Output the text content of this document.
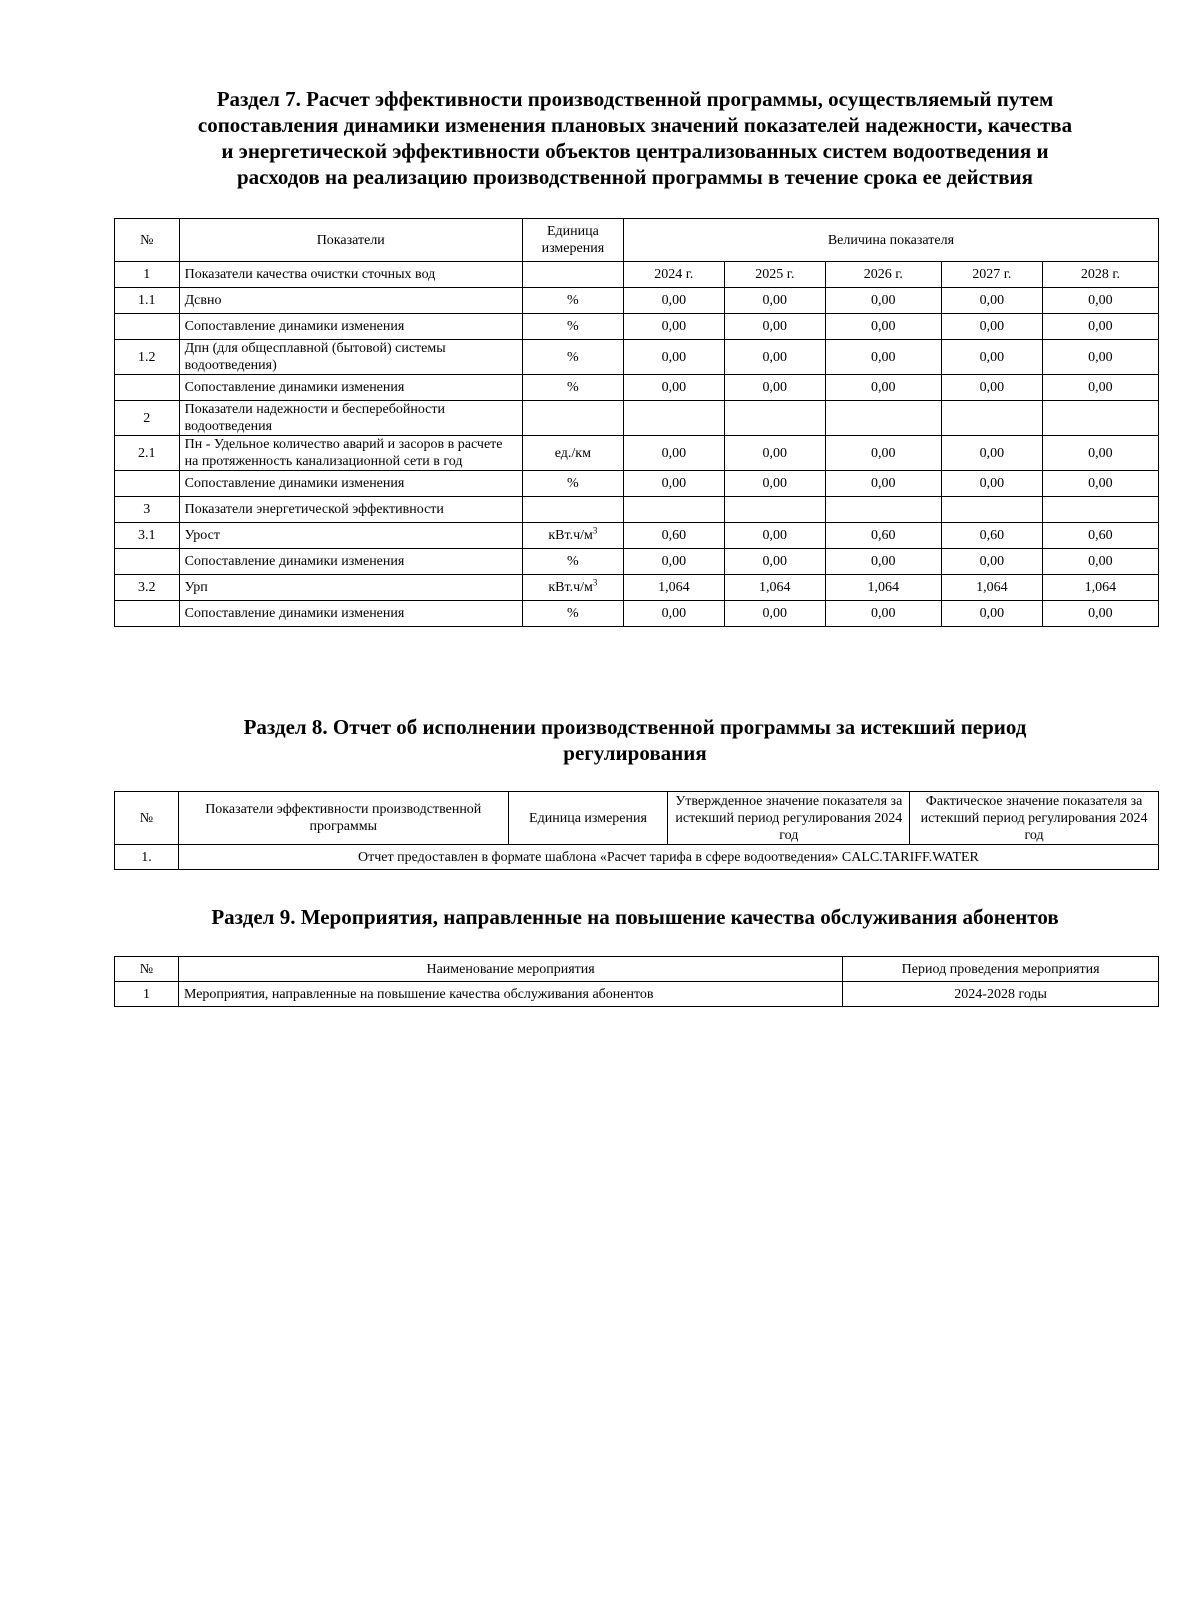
Раздел 7. Расчет эффективности производственной программы, осуществляемый путем
сопоставления динамики изменения плановых значений показателей надежности, качества
и энергетической эффективности объектов централизованных систем водоотведения и
расходов на реализацию производственной программы в течение срока ее действия
№	Показатели	Единица измерения	Величина показателя				
1	Показатели качества очистки сточных вод		2024 г.	2025 г.	2026 г.	2027 г.	2028 г.
1.1	Дсвно	%	0,00	0,00	0,00	0,00	0,00
	Сопоставление динамики изменения	%	0,00	0,00	0,00	0,00	0,00
1.2	Дпн (для общесплавной (бытовой) системы водоотведения)	%	0,00	0,00	0,00	0,00	0,00
	Сопоставление динамики изменения	%	0,00	0,00	0,00	0,00	0,00
2	Показатели надежности и бесперебойности водоотведения						
2.1	Пн - Удельное количество аварий и засоров в расчете на протяженность канализационной сети в год	ед./км	0,00	0,00	0,00	0,00	0,00
	Сопоставление динамики изменения	%	0,00	0,00	0,00	0,00	0,00
3	Показатели энергетической эффективности						
3.1	Урост	$кВт.ч/м^3$	0,60	0,00	0,60	0,60	0,60
	Сопоставление динамики изменения	%	0,00	0,00	0,00	0,00	0,00
3.2	Урп	$кВт.ч/м^3$	1,064	1,064	1,064	1,064	1,064
	Сопоставление динамики изменения	%	0,00	0,00	0,00	0,00	0,00
Раздел 8. Отчет об исполнении производственной программы за истекший период
регулирования
№	Показатели эффективности производственной программы	Единица измерения	Утвержденное значение показателя за истекший период регулирования 2024 год	Фактическое значение показателя за истекший период регулирования 2024 год
1.	Отчет предоставлен в формате шаблона «Расчет тарифа в сфере водоотведения» CALC.TARIFF.WATER			
Раздел 9. Мероприятия, направленные на повышение качества обслуживания абонентов
№	Наименование мероприятия	Период проведения мероприятия
1	Мероприятия, направленные на повышение качества обслуживания абонентов	2024-2028 годы
